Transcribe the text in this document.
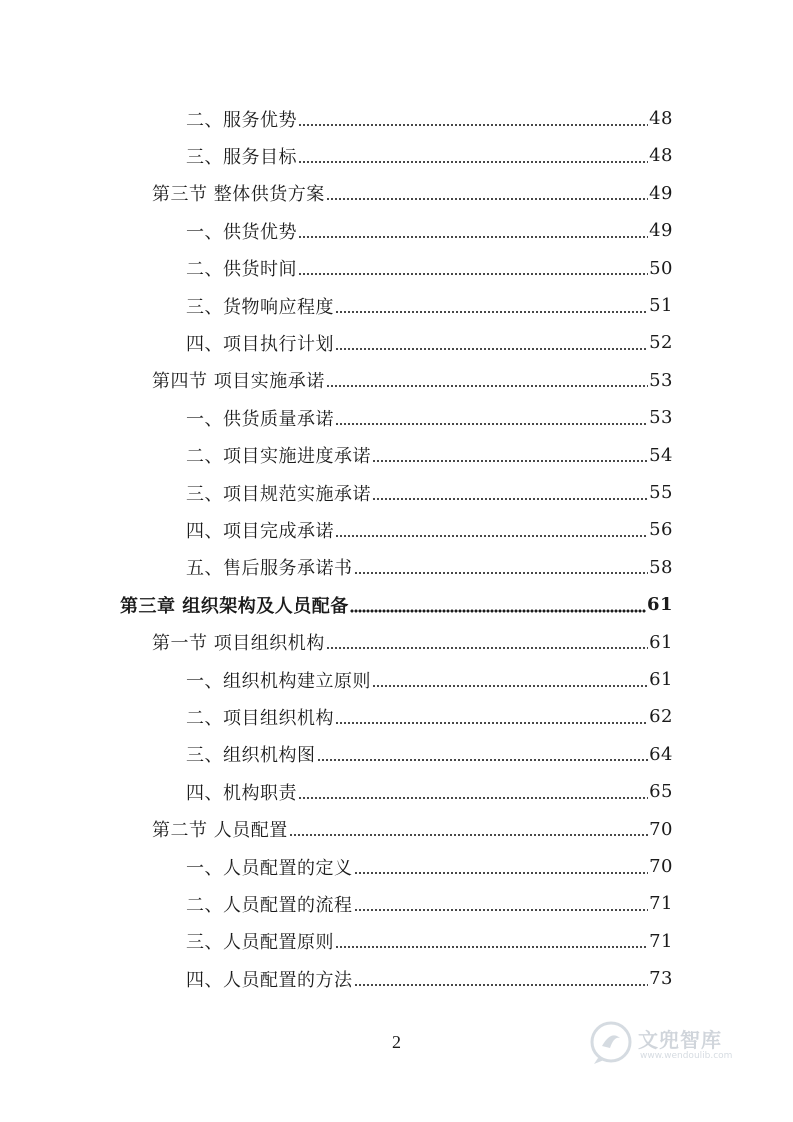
二、服务优势	48
三、服务目标	48
第三节 整体供货方案	49
一、供货优势	49
二、供货时间	50
三、货物响应程度	51
四、项目执行计划	52
第四节 项目实施承诺	53
一、供货质量承诺	53
二、项目实施进度承诺	54
三、项目规范实施承诺	55
四、项目完成承诺	56
五、售后服务承诺书	58
第三章 组织架构及人员配备	61
第一节 项目组织机构	61
一、组织机构建立原则	61
二、项目组织机构	62
三、组织机构图	64
四、机构职责	65
第二节 人员配置	70
一、人员配置的定义	70
二、人员配置的流程	71
三、人员配置原则	71
四、人员配置的方法	73
2	文兜智库
www.wendoulib.com
